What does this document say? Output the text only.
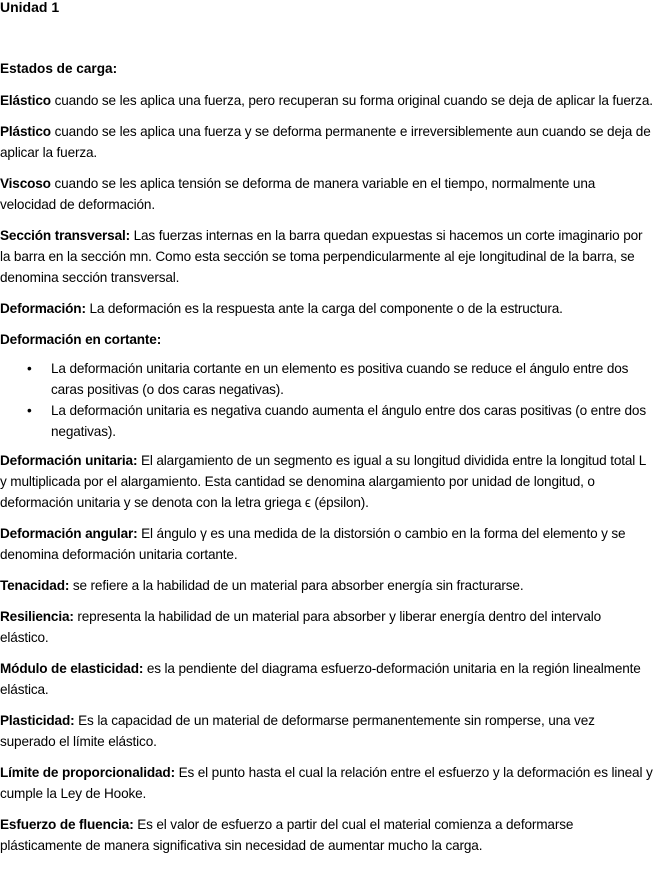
Unidad 1

Estados de carga:

Elástico cuando se les aplica una fuerza, pero recuperan su forma original cuando se deja de aplicar la fuerza.

Plástico cuando se les aplica una fuerza y se deforma permanente e irreversiblemente aun cuando se deja de aplicar la fuerza.

Viscoso cuando se les aplica tensión se deforma de manera variable en el tiempo, normalmente una velocidad de deformación.

Sección transversal: Las fuerzas internas en la barra quedan expuestas si hacemos un corte imaginario por la barra en la sección mn. Como esta sección se toma perpendicularmente al eje longitudinal de la barra, se denomina sección transversal.

Deformación: La deformación es la respuesta ante la carga del componente o de la estructura.

Deformación en cortante:

• La deformación unitaria cortante en un elemento es positiva cuando se reduce el ángulo entre dos caras positivas (o dos caras negativas).
• La deformación unitaria es negativa cuando aumenta el ángulo entre dos caras positivas (o entre dos negativas).

Deformación unitaria: El alargamiento de un segmento es igual a su longitud dividida entre la longitud total L y multiplicada por el alargamiento. Esta cantidad se denomina alargamiento por unidad de longitud, o deformación unitaria y se denota con la letra griega ϵ (épsilon).

Deformación angular: El ángulo γ es una medida de la distorsión o cambio en la forma del elemento y se denomina deformación unitaria cortante.

Tenacidad: se refiere a la habilidad de un material para absorber energía sin fracturarse.

Resiliencia: representa la habilidad de un material para absorber y liberar energía dentro del intervalo elástico.

Módulo de elasticidad: es la pendiente del diagrama esfuerzo-deformación unitaria en la región linealmente elástica.

Plasticidad: Es la capacidad de un material de deformarse permanentemente sin romperse, una vez superado el límite elástico.

Límite de proporcionalidad: Es el punto hasta el cual la relación entre el esfuerzo y la deformación es lineal y cumple la Ley de Hooke.

Esfuerzo de fluencia: Es el valor de esfuerzo a partir del cual el material comienza a deformarse plásticamente de manera significativa sin necesidad de aumentar mucho la carga.
